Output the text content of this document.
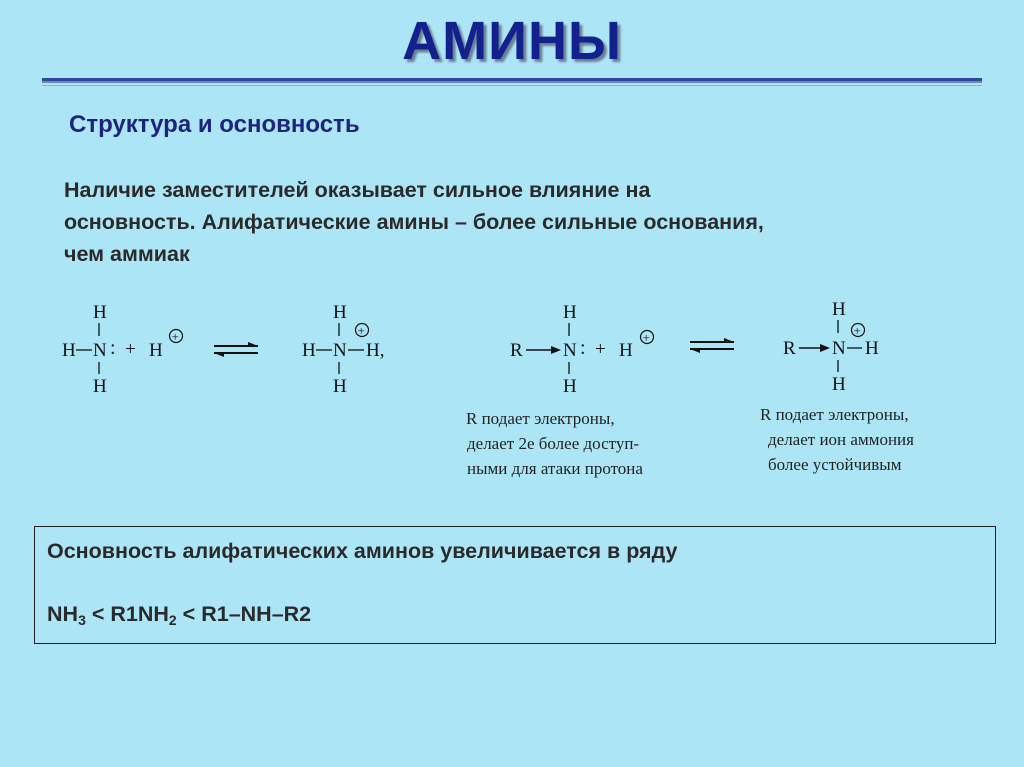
АМИНЫ
Структура и основность
Наличие заместителей оказывает сильное влияние на
основность. Алифатические амины – более сильные основания,
чем аммиак
H
H N :
H
+ H
+
H
H N H,
+
H
H
R N :
H
+ H
+
H
R N H
+
H
R подает электроны,
делает 2е более доступ-
ными для атаки протона
R подает электроны,
делает ион аммония
более устойчивым
Основность алифатических аминов увеличивается в ряду
$NH_3 < R1NH_2 < R1-NH-R2$
